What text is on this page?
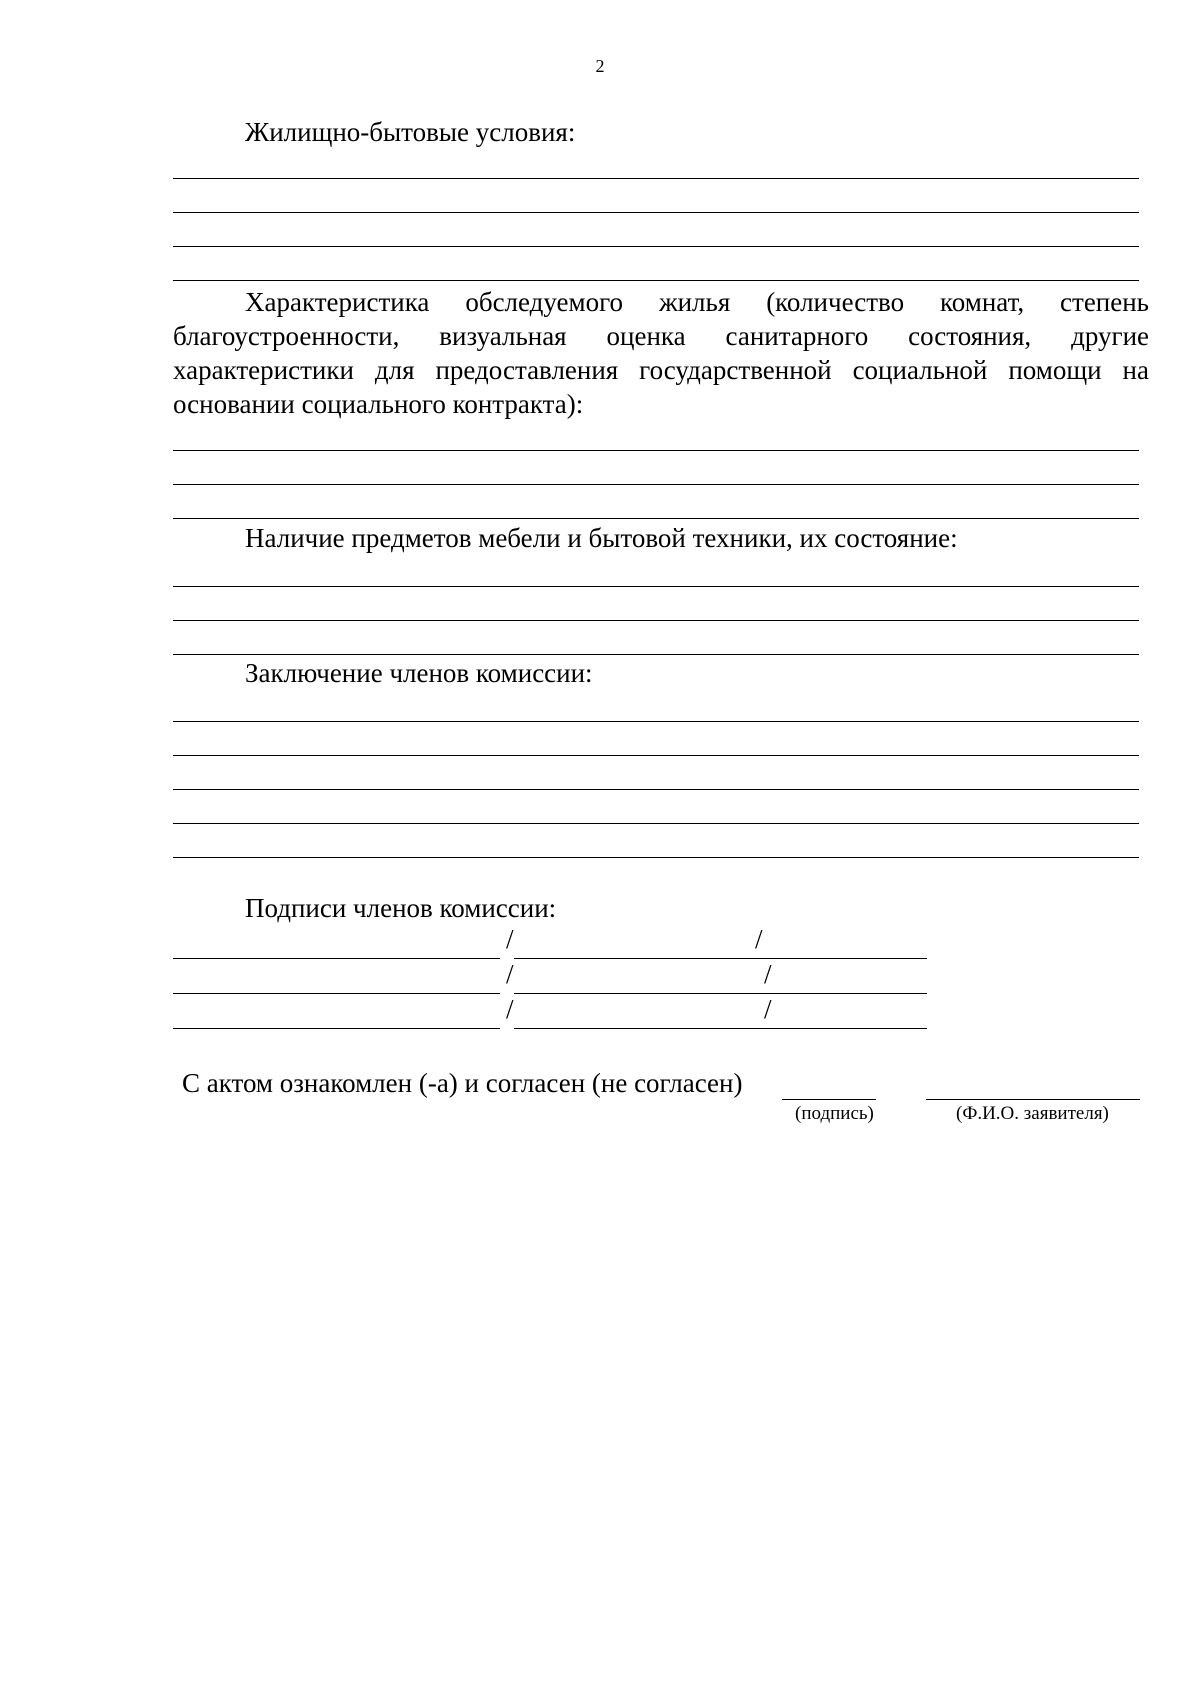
2
Жилищно-бытовые условия:
Характеристика обследуемого жилья (количество комнат, степень благоустроенности, визуальная оценка санитарного состояния, другие характеристики для предоставления государственной социальной помощи на основании социального контракта):
Наличие предметов мебели и бытовой техники, их состояние:
Заключение членов комиссии:
Подписи членов комиссии:
/	/
/	/
/	/
С актом ознакомлен (-а) и согласен (не согласен)
(подпись)	(Ф.И.О. заявителя)
